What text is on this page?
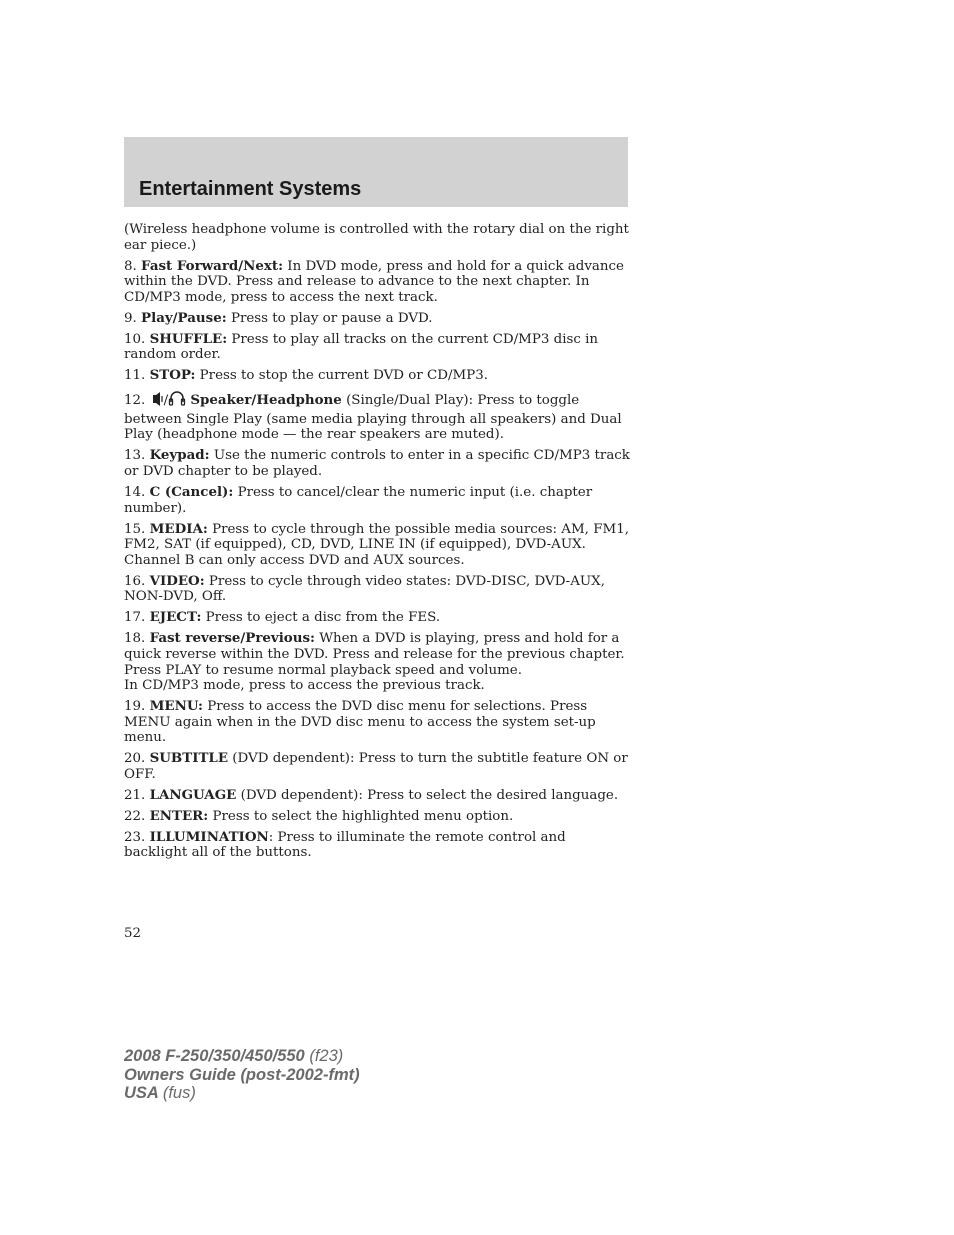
Entertainment Systems

(Wireless headphone volume is controlled with the rotary dial on the right ear piece.)

8. Fast Forward/Next: In DVD mode, press and hold for a quick advance within the DVD. Press and release to advance to the next chapter. In CD/MP3 mode, press to access the next track.

9. Play/Pause: Press to play or pause a DVD.

10. SHUFFLE: Press to play all tracks on the current CD/MP3 disc in random order.

11. STOP: Press to stop the current DVD or CD/MP3.

12. / Speaker/Headphone (Single/Dual Play): Press to toggle between Single Play (same media playing through all speakers) and Dual Play (headphone mode — the rear speakers are muted).

13. Keypad: Use the numeric controls to enter in a specific CD/MP3 track or DVD chapter to be played.

14. C (Cancel): Press to cancel/clear the numeric input (i.e. chapter number).

15. MEDIA: Press to cycle through the possible media sources: AM, FM1, FM2, SAT (if equipped), CD, DVD, LINE IN (if equipped), DVD-AUX.
Channel B can only access DVD and AUX sources.

16. VIDEO: Press to cycle through video states: DVD-DISC, DVD-AUX, NON-DVD, Off.

17. EJECT: Press to eject a disc from the FES.

18. Fast reverse/Previous: When a DVD is playing, press and hold for a quick reverse within the DVD. Press and release for the previous chapter. Press PLAY to resume normal playback speed and volume.
In CD/MP3 mode, press to access the previous track.

19. MENU: Press to access the DVD disc menu for selections. Press MENU again when in the DVD disc menu to access the system set-up menu.

20. SUBTITLE (DVD dependent): Press to turn the subtitle feature ON or OFF.

21. LANGUAGE (DVD dependent): Press to select the desired language.

22. ENTER: Press to select the highlighted menu option.

23. ILLUMINATION: Press to illuminate the remote control and backlight all of the buttons.

52
2008 F-250/350/450/550 (f23)
Owners Guide (post-2002-fmt)
USA (fus)
